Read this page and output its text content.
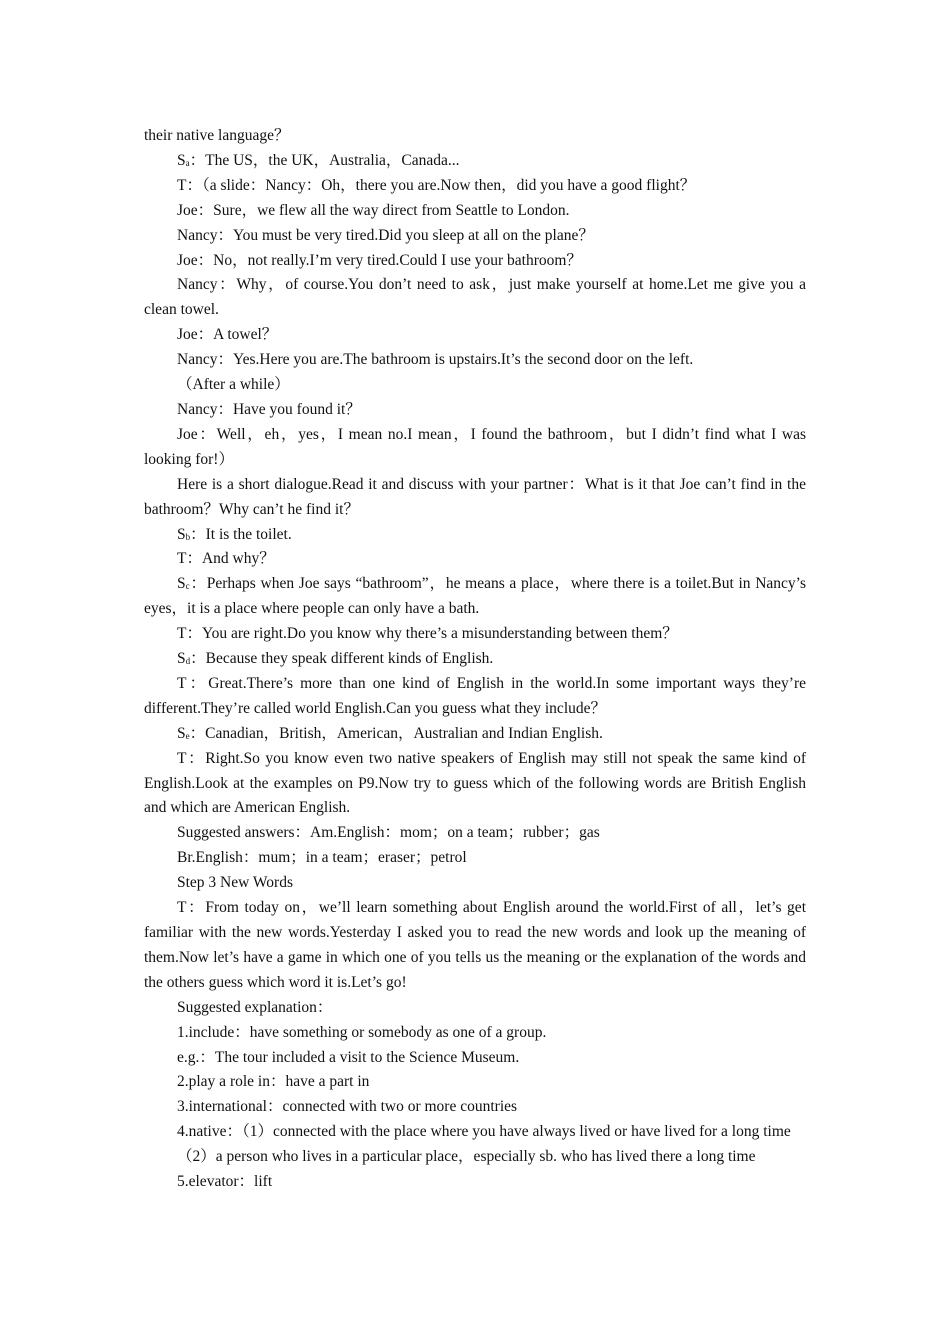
their native language？

$S_a$：The US，the UK，Australia，Canada...

T：（a slide：Nancy：Oh，there you are.Now then，did you have a good flight？

Joe：Sure，we flew all the way direct from Seattle to London.

Nancy：You must be very tired.Did you sleep at all on the plane？

Joe：No，not really.I’m very tired.Could I use your bathroom？

Nancy：Why，of course.You don’t need to ask，just make yourself at home.Let me give you a clean towel.

Joe：A towel？

Nancy：Yes.Here you are.The bathroom is upstairs.It’s the second door on the left.

（After a while）

Nancy：Have you found it？

Joe：Well，eh，yes，I mean no.I mean，I found the bathroom，but I didn’t find what I was looking for!）

Here is a short dialogue.Read it and discuss with your partner：What is it that Joe can’t find in the bathroom？Why can’t he find it？

$S_b$：It is the toilet.

T：And why？

$S_c$：Perhaps when Joe says “bathroom”，he means a place，where there is a toilet.But in Nancy’s eyes，it is a place where people can only have a bath.

T：You are right.Do you know why there’s a misunderstanding between them？

$S_d$：Because they speak different kinds of English.

T：Great.There’s more than one kind of English in the world.In some important ways they’re different.They’re called world English.Can you guess what they include？

$S_e$：Canadian，British，American，Australian and Indian English.

T：Right.So you know even two native speakers of English may still not speak the same kind of English.Look at the examples on P9.Now try to guess which of the following words are British English and which are American English.

Suggested answers：Am.English：mom；on a team；rubber；gas

Br.English：mum；in a team；eraser；petrol

Step 3 New Words

T：From today on，we’ll learn something about English around the world.First of all，let’s get familiar with the new words.Yesterday I asked you to read the new words and look up the meaning of them.Now let’s have a game in which one of you tells us the meaning or the explanation of the words and the others guess which word it is.Let’s go!

Suggested explanation：

1.include：have something or somebody as one of a group.

e.g.：The tour included a visit to the Science Museum.

2.play a role in：have a part in

3.international：connected with two or more countries

4.native：（1）connected with the place where you have always lived or have lived for a long time

（2）a person who lives in a particular place，especially sb. who has lived there a long time

5.elevator：lift
